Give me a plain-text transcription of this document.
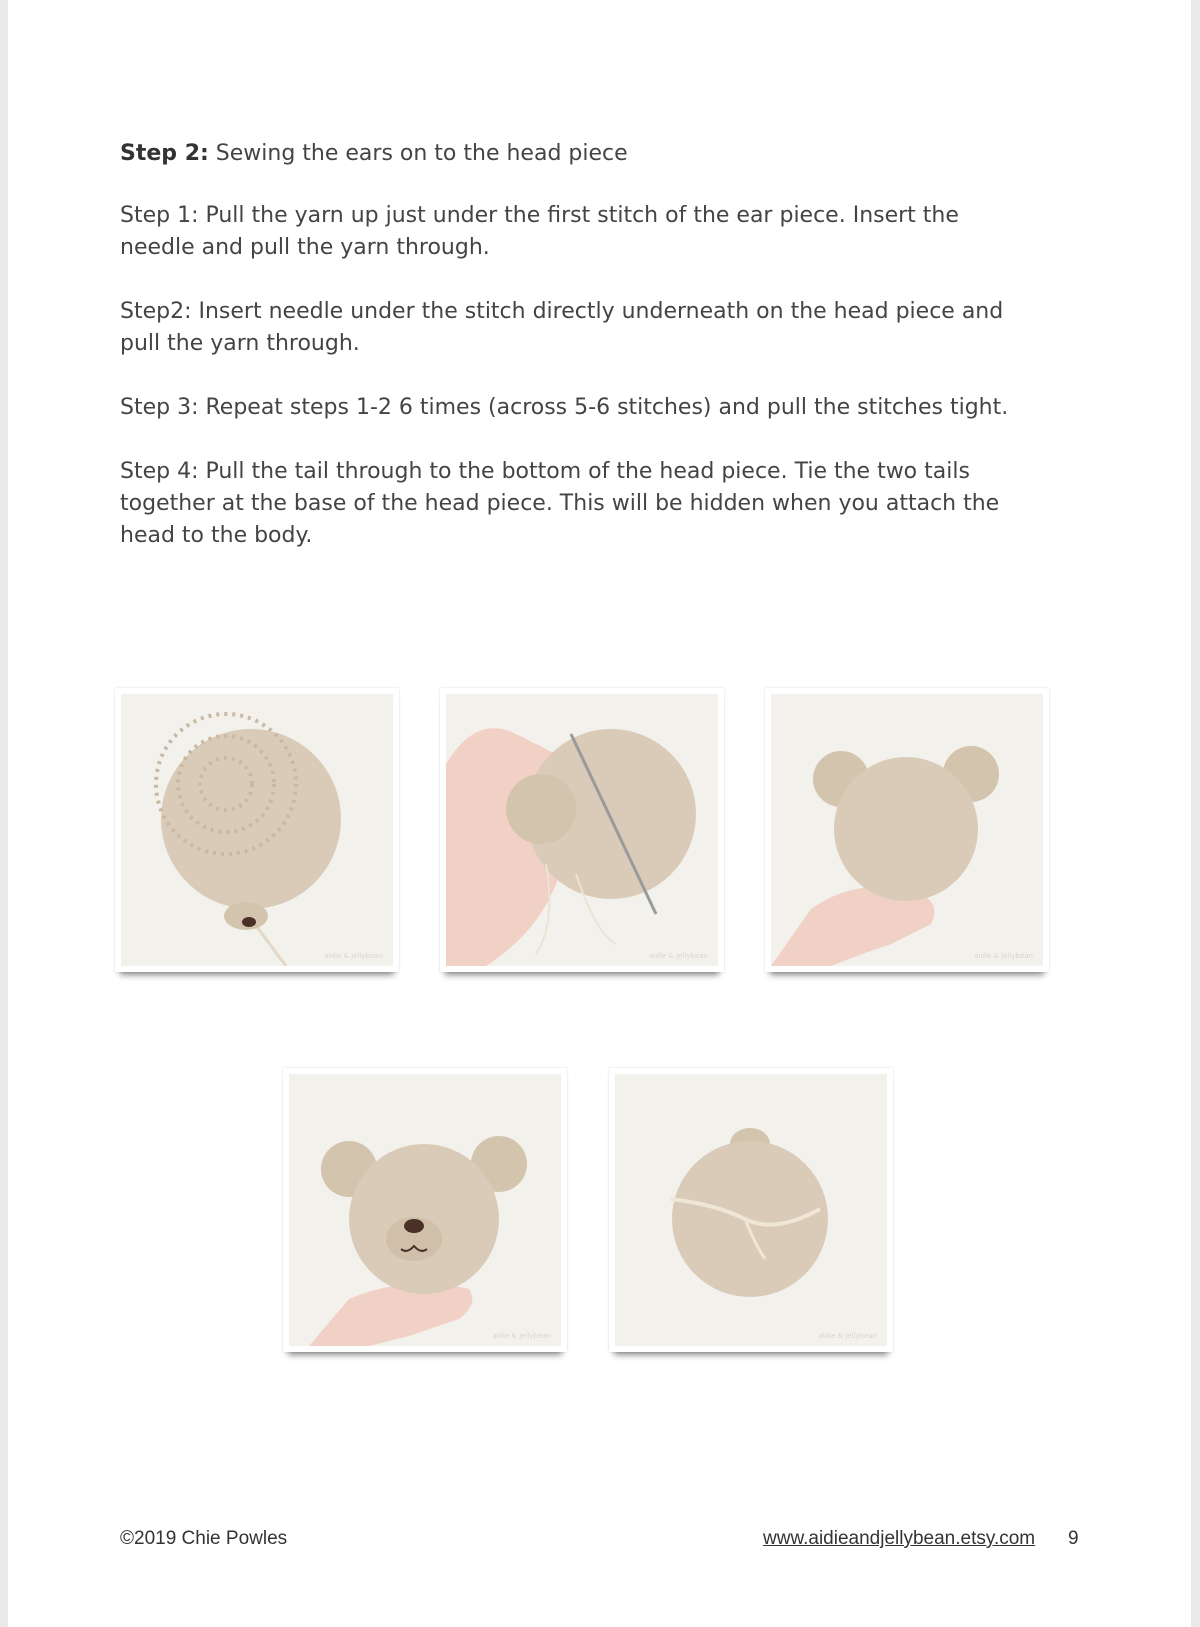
Step 2: Sewing the ears on to the head piece

Step 1: Pull the yarn up just under the first stitch of the ear piece. Insert the needle and pull the yarn through.

Step2: Insert needle under the stitch directly underneath on the head piece and pull the yarn through.

Step 3: Repeat steps 1-2 6 times (across 5-6 stitches) and pull the stitches tight.

Step 4: Pull the tail through to the bottom of the head piece. Tie the two tails together at the base of the head piece. This will be hidden when you attach the head to the body.

aidie & jellybean	aidie & jellybean	aidie & jellybean
aidie & jellybean	aidie & jellybean
©2019 Chie Powles	www.aidieandjellybean.etsy.com 9
